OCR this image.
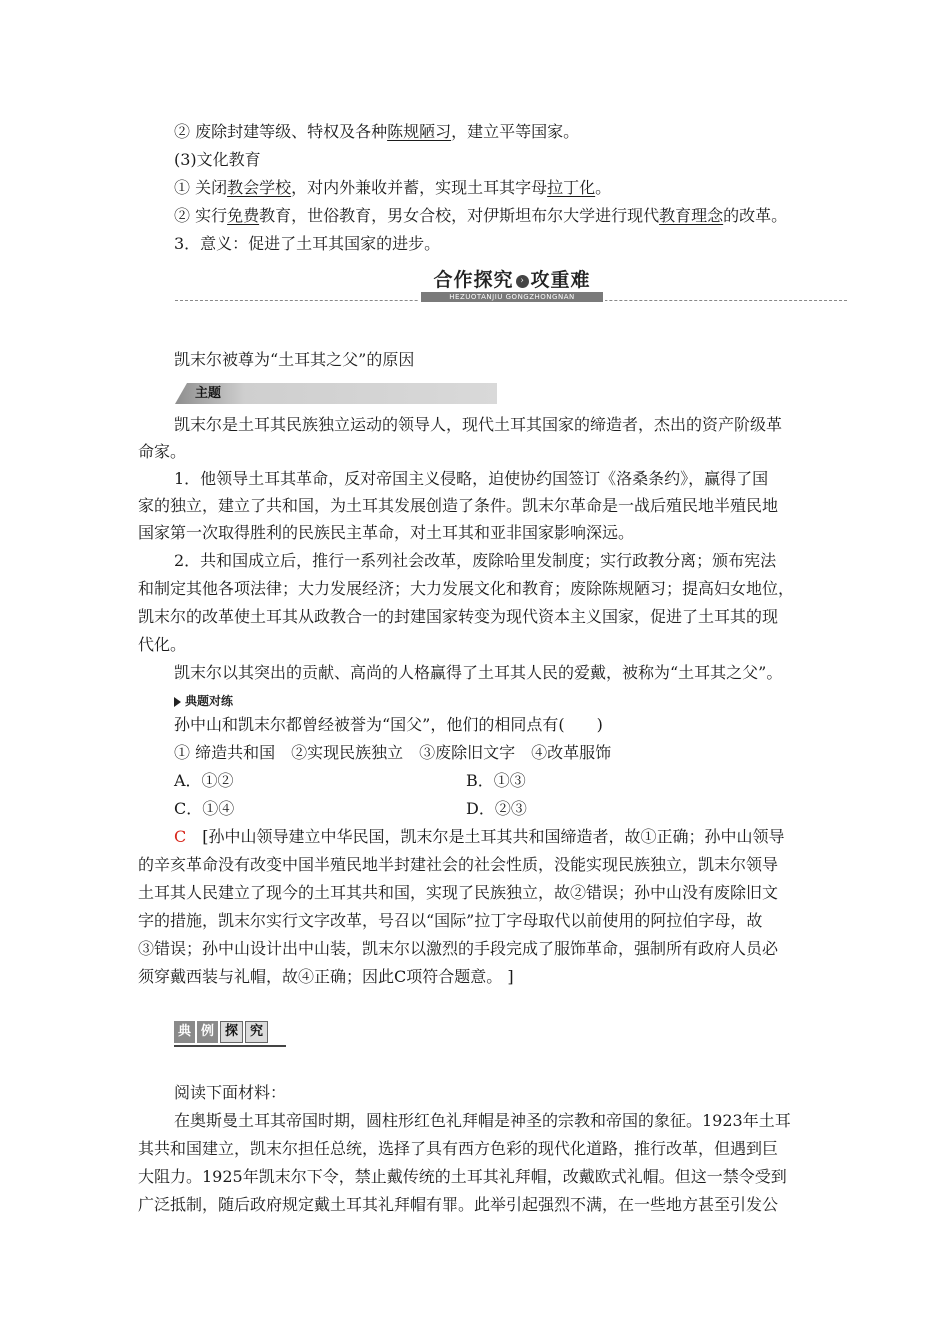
② 废除封建等级、特权及各种陈规陋习，建立平等国家。
(3)文化教育
① 关闭教会学校，对内外兼收并蓄，实现土耳其字母拉丁化。
② 实行免费教育，世俗教育，男女合校，对伊斯坦布尔大学进行现代教育理念的改革。
3．意义：促进了土耳其国家的进步。
合作探究 › 攻重难
HEZUOTANJIU GONGZHONGNAN
凯末尔被尊为“土耳其之父”的原因
主题
凯末尔是土耳其民族独立运动的领导人，现代土耳其国家的缔造者，杰出的资产阶级革
命家。
1．他领导土耳其革命，反对帝国主义侵略，迫使协约国签订《洛桑条约》，赢得了国
家的独立，建立了共和国，为土耳其发展创造了条件。凯末尔革命是一战后殖民地半殖民地
国家第一次取得胜利的民族民主革命，对土耳其和亚非国家影响深远。
2．共和国成立后，推行一系列社会改革，废除哈里发制度；实行政教分离；颁布宪法
和制定其他各项法律；大力发展经济；大力发展文化和教育；废除陈规陋习；提高妇女地位，
凯末尔的改革使土耳其从政教合一的封建国家转变为现代资本主义国家，促进了土耳其的现
代化。
凯末尔以其突出的贡献、高尚的人格赢得了土耳其人民的爱戴，被称为“土耳其之父”。
典题对练
孙中山和凯末尔都曾经被誉为“国父”，他们的相同点有(　　)
① 缔造共和国　②实现民族独立　③废除旧文字　④改革服饰
A．①②	B．①③
C．①④	D．②③
C　 [孙中山领导建立中华民国，凯末尔是土耳其共和国缔造者，故①正确；孙中山领导
的辛亥革命没有改变中国半殖民地半封建社会的社会性质，没能实现民族独立，凯末尔领导
土耳其人民建立了现今的土耳其共和国，实现了民族独立，故②错误；孙中山没有废除旧文
字的措施，凯末尔实行文字改革，号召以“国际”拉丁字母取代以前使用的阿拉伯字母，故
③错误；孙中山设计出中山装，凯末尔以激烈的手段完成了服饰革命，强制所有政府人员必
须穿戴西装与礼帽，故④正确；因此C项符合题意。 ]
典 例 探 究
阅读下面材料：
在奥斯曼土耳其帝国时期，圆柱形红色礼拜帽是神圣的宗教和帝国的象征。1923年土耳
其共和国建立，凯末尔担任总统，选择了具有西方色彩的现代化道路，推行改革，但遇到巨
大阻力。1925年凯末尔下令，禁止戴传统的土耳其礼拜帽，改戴欧式礼帽。但这一禁令受到
广泛抵制，随后政府规定戴土耳其礼拜帽有罪。此举引起强烈不满，在一些地方甚至引发公
